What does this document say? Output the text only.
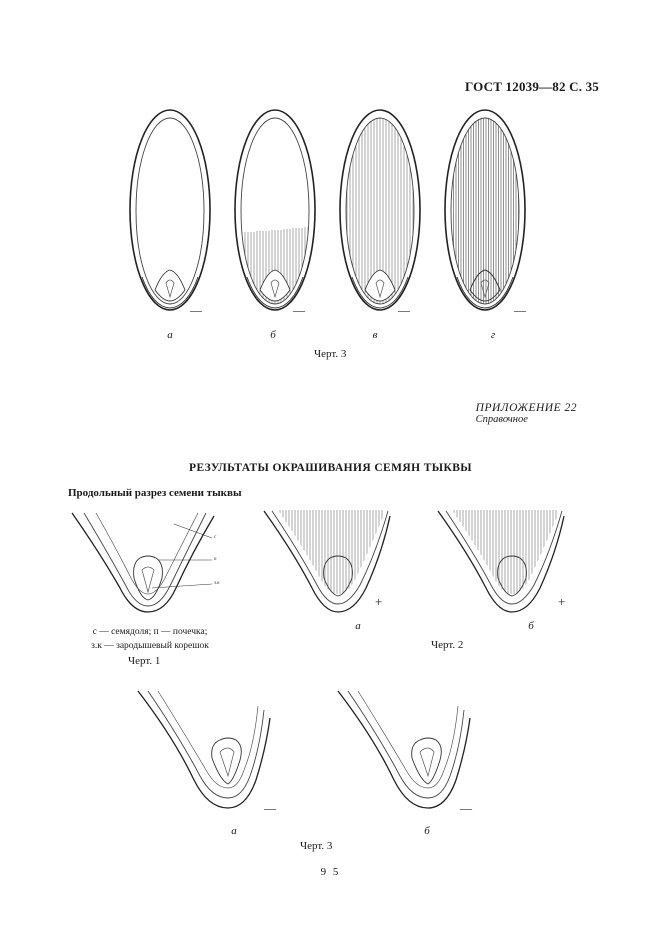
ГОСТ 12039—82 С. 35
а	б	в	г
—	—	—	—
Черт. 3
ПРИЛОЖЕНИЕ 22
Справочное
РЕЗУЛЬТАТЫ ОКРАШИВАНИЯ СЕМЯН ТЫКВЫ
Продольный разрез семени тыквы
с
п
з.к
с — семядоля; п — почечка;
з.к — зародышевый корешок
Черт. 1
+	+
а	б
Черт. 2
—	—
а	б
Черт. 3
9 5
